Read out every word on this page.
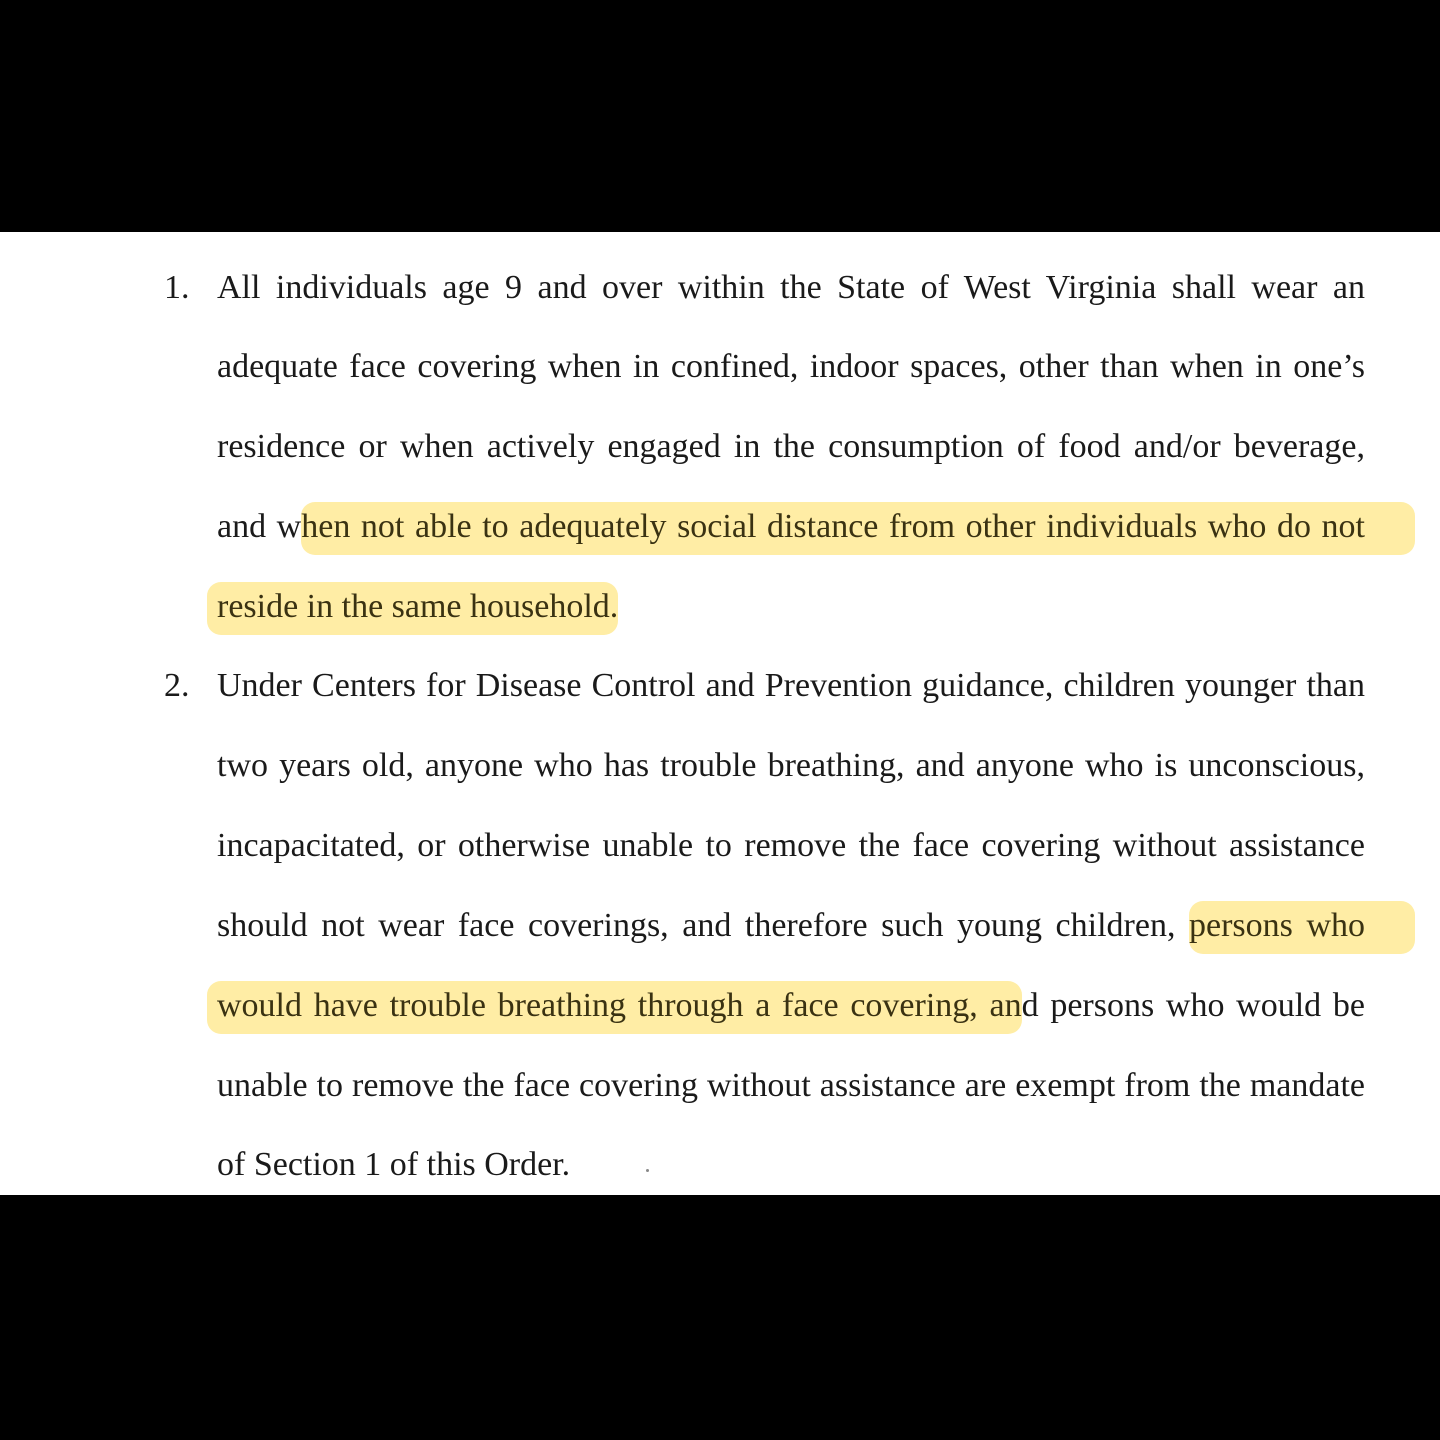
1. All individuals age 9 and over within the State of West Virginia shall wear an
adequate face covering when in confined, indoor spaces, other than when in one’s
residence or when actively engaged in the consumption of food and/or beverage,
and when not able to adequately social distance from other individuals who do not
reside in the same household.
2. Under Centers for Disease Control and Prevention guidance, children younger than
two years old, anyone who has trouble breathing, and anyone who is unconscious,
incapacitated, or otherwise unable to remove the face covering without assistance
should not wear face coverings, and therefore such young children, persons who
would have trouble breathing through a face covering, and persons who would be
unable to remove the face covering without assistance are exempt from the mandate
of Section 1 of this Order.
